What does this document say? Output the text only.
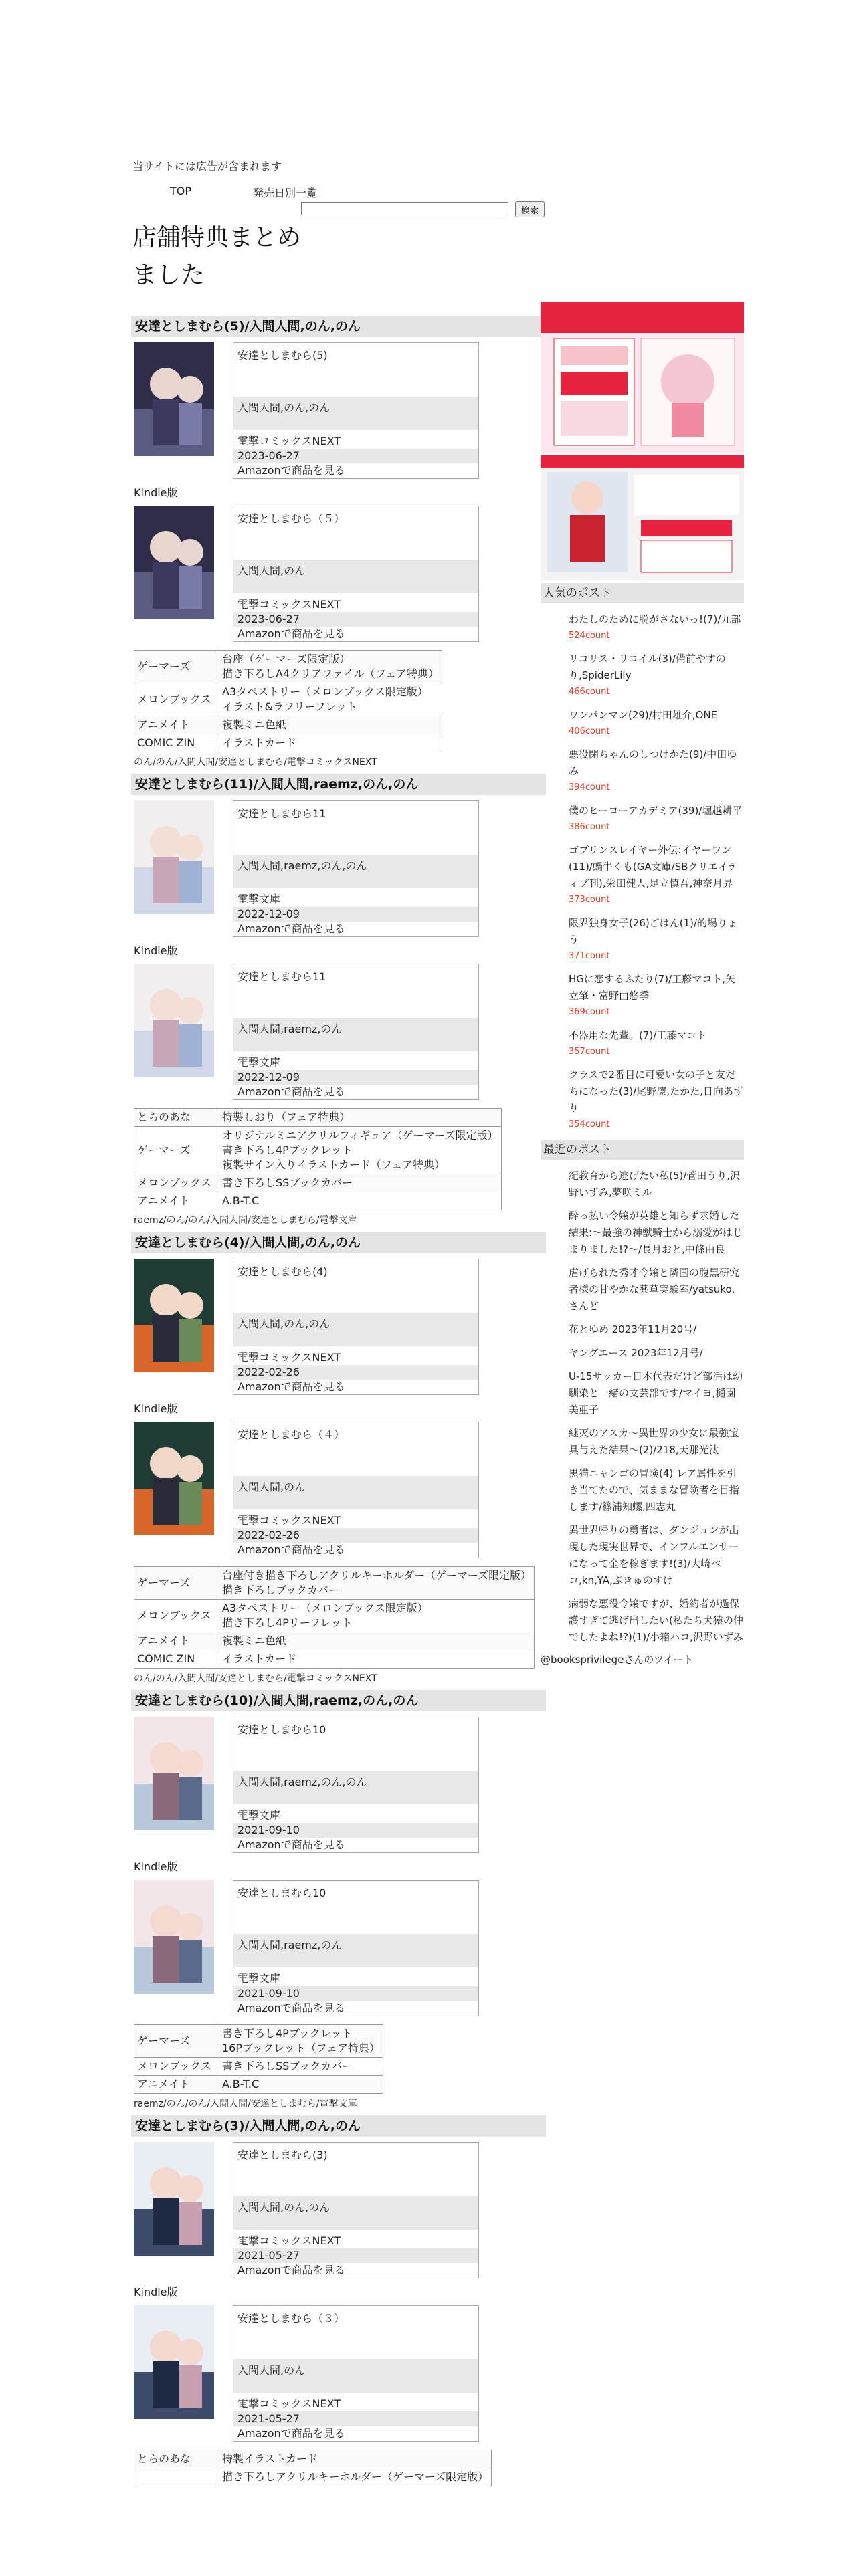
当サイトには広告が含まれます
TOP	発売日別一覧
検索
店舗特典まとめました
安達としまむら(5)/入間人間,のん,のん
安達としまむら(5)
入間人間,のん,のん
電撃コミックスNEXT
2023-06-27
Amazonで商品を見る
Kindle版
安達としまむら（５）
入間人間,のん
電撃コミックスNEXT
2023-06-27
Amazonで商品を見る
ゲーマーズ	台座（ゲーマーズ限定版）
描き下ろしA4クリアファイル（フェア特典）

メロンブックス	A3タペストリー（メロンブックス限定版）
イラスト&ラフリーフレット

アニメイト	複製ミニ色紙

COMIC ZIN	イラストカード
のん/のん/入間人間/安達としまむら/電撃コミックスNEXT
安達としまむら(11)/入間人間,raemz,のん,のん
安達としまむら11
入間人間,raemz,のん,のん
電撃文庫
2022-12-09
Amazonで商品を見る
Kindle版
安達としまむら11
入間人間,raemz,のん
電撃文庫
2022-12-09
Amazonで商品を見る
とらのあな	特製しおり（フェア特典）

ゲーマーズ	オリジナルミニアクリルフィギュア（ゲーマーズ限定版）
書き下ろし4Pブックレット
複製サイン入りイラストカード（フェア特典）

メロンブックス	書き下ろしSSブックカバー

アニメイト	A.B-T.C
raemz/のん/のん/入間人間/安達としまむら/電撃文庫
安達としまむら(4)/入間人間,のん,のん
安達としまむら(4)
入間人間,のん,のん
電撃コミックスNEXT
2022-02-26
Amazonで商品を見る
Kindle版
安達としまむら（４）
入間人間,のん
電撃コミックスNEXT
2022-02-26
Amazonで商品を見る
ゲーマーズ	台座付き描き下ろしアクリルキーホルダー（ゲーマーズ限定版）
描き下ろしブックカバー

メロンブックス	A3タペストリー（メロンブックス限定版）
描き下ろし4Pリーフレット

アニメイト	複製ミニ色紙

COMIC ZIN	イラストカード
のん/のん/入間人間/安達としまむら/電撃コミックスNEXT
安達としまむら(10)/入間人間,raemz,のん,のん
安達としまむら10
入間人間,raemz,のん,のん
電撃文庫
2021-09-10
Amazonで商品を見る
Kindle版
安達としまむら10
入間人間,raemz,のん
電撃文庫
2021-09-10
Amazonで商品を見る
ゲーマーズ	書き下ろし4Pブックレット
16Pブックレット（フェア特典）

メロンブックス	書き下ろしSSブックカバー

アニメイト	A.B-T.C
raemz/のん/のん/入間人間/安達としまむら/電撃文庫
安達としまむら(3)/入間人間,のん,のん
安達としまむら(3)
入間人間,のん,のん
電撃コミックスNEXT
2021-05-27
Amazonで商品を見る
Kindle版
安達としまむら（３）
入間人間,のん
電撃コミックスNEXT
2021-05-27
Amazonで商品を見る
とらのあな	特製イラストカード

	描き下ろしアクリルキーホルダー（ゲーマーズ限定版）
人気のポスト
わたしのために脱がさないっ!(7)/九部
524count
リコリス・リコイル(3)/備前やすのり,SpiderLily
466count
ワンパンマン(29)/村田雄介,ONE
406count
悪役閉ちゃんのしつけかた(9)/中田ゆみ
394count
僕のヒーローアカデミア(39)/堀越耕平
386count
ゴブリンスレイヤー外伝:イヤーワン(11)/蝸牛くも(GA文庫/SBクリエイティブ刊),栄田健人,足立慎吾,神奈月昇
373count
限界独身女子(26)ごはん(1)/的場りょう
371count
HGに恋するふたり(7)/工藤マコト,矢立肇・富野由悠季
369count
不器用な先輩。(7)/工藤マコト
357count
クラスで2番目に可愛い女の子と友だちになった(3)/尾野凛,たかた,日向あずり
354count
最近のポスト
紀教育から逃げたい私(5)/菅田うり,沢野いずみ,夢咲ミル
酔っ払い令嬢が英雄と知らず求婚した結果:～最強の神獣騎士から溺愛がはじまりました!?～/長月おと,中條由良
虐げられた秀才令嬢と隣国の腹黒研究者様の甘やかな薬草実験室/yatsuko,さんど
花とゆめ 2023年11月20号/
ヤングエース 2023年12月号/
U-15サッカー日本代表だけど部活は幼馴染と一緒の文芸部です/マイヨ,樋園美亜子
継灭のアスカ～異世界の少女に最強宝具与えた結果～(2)/218,天那光汰
黒猫ニャンゴの冒険(4) レア属性を引き当てたので、気ままな冒険者を目指します/篠浦知螺,四志丸
異世界帰りの勇者は、ダンジョンが出現した現実世界で、インフルエンサーになって金を稼ぎます!(3)/大崎ベコ,kn,YA,ぶきゅのすけ
病弱な悪役令嬢ですが、婚約者が過保護すぎて逃げ出したい(私たち犬猿の仲でしたよね!?)(1)/小箱ハコ,沢野いずみ
@booksprivilegeさんのツイート
